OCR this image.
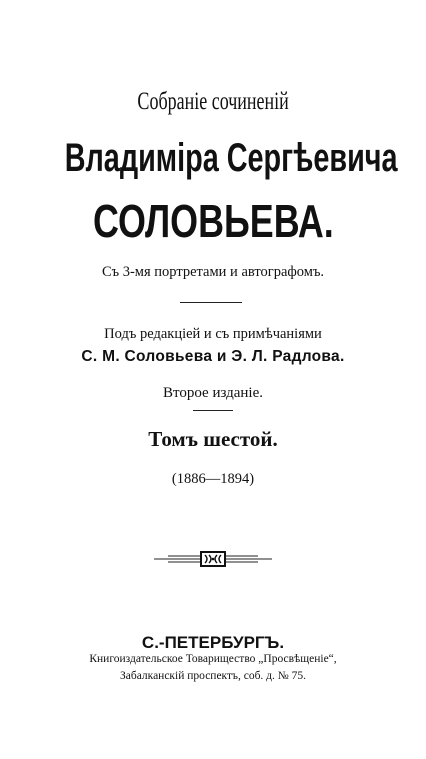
Собраніе сочиненій
Владиміра Сергѣевича
СОЛОВЬЕВА.
Съ 3-мя портретами и автографомъ.
Подъ редакціей и съ примѣчаніями
С. М. Соловьева и Э. Л. Радлова.
Второе изданіе.
Томъ шестой.
(1886—1894)
С.-ПЕТЕРБУРГЪ.
Книгоиздательское Товарищество „Просвѣщеніе“,
Забалканскій проспектъ, соб. д. № 75.
